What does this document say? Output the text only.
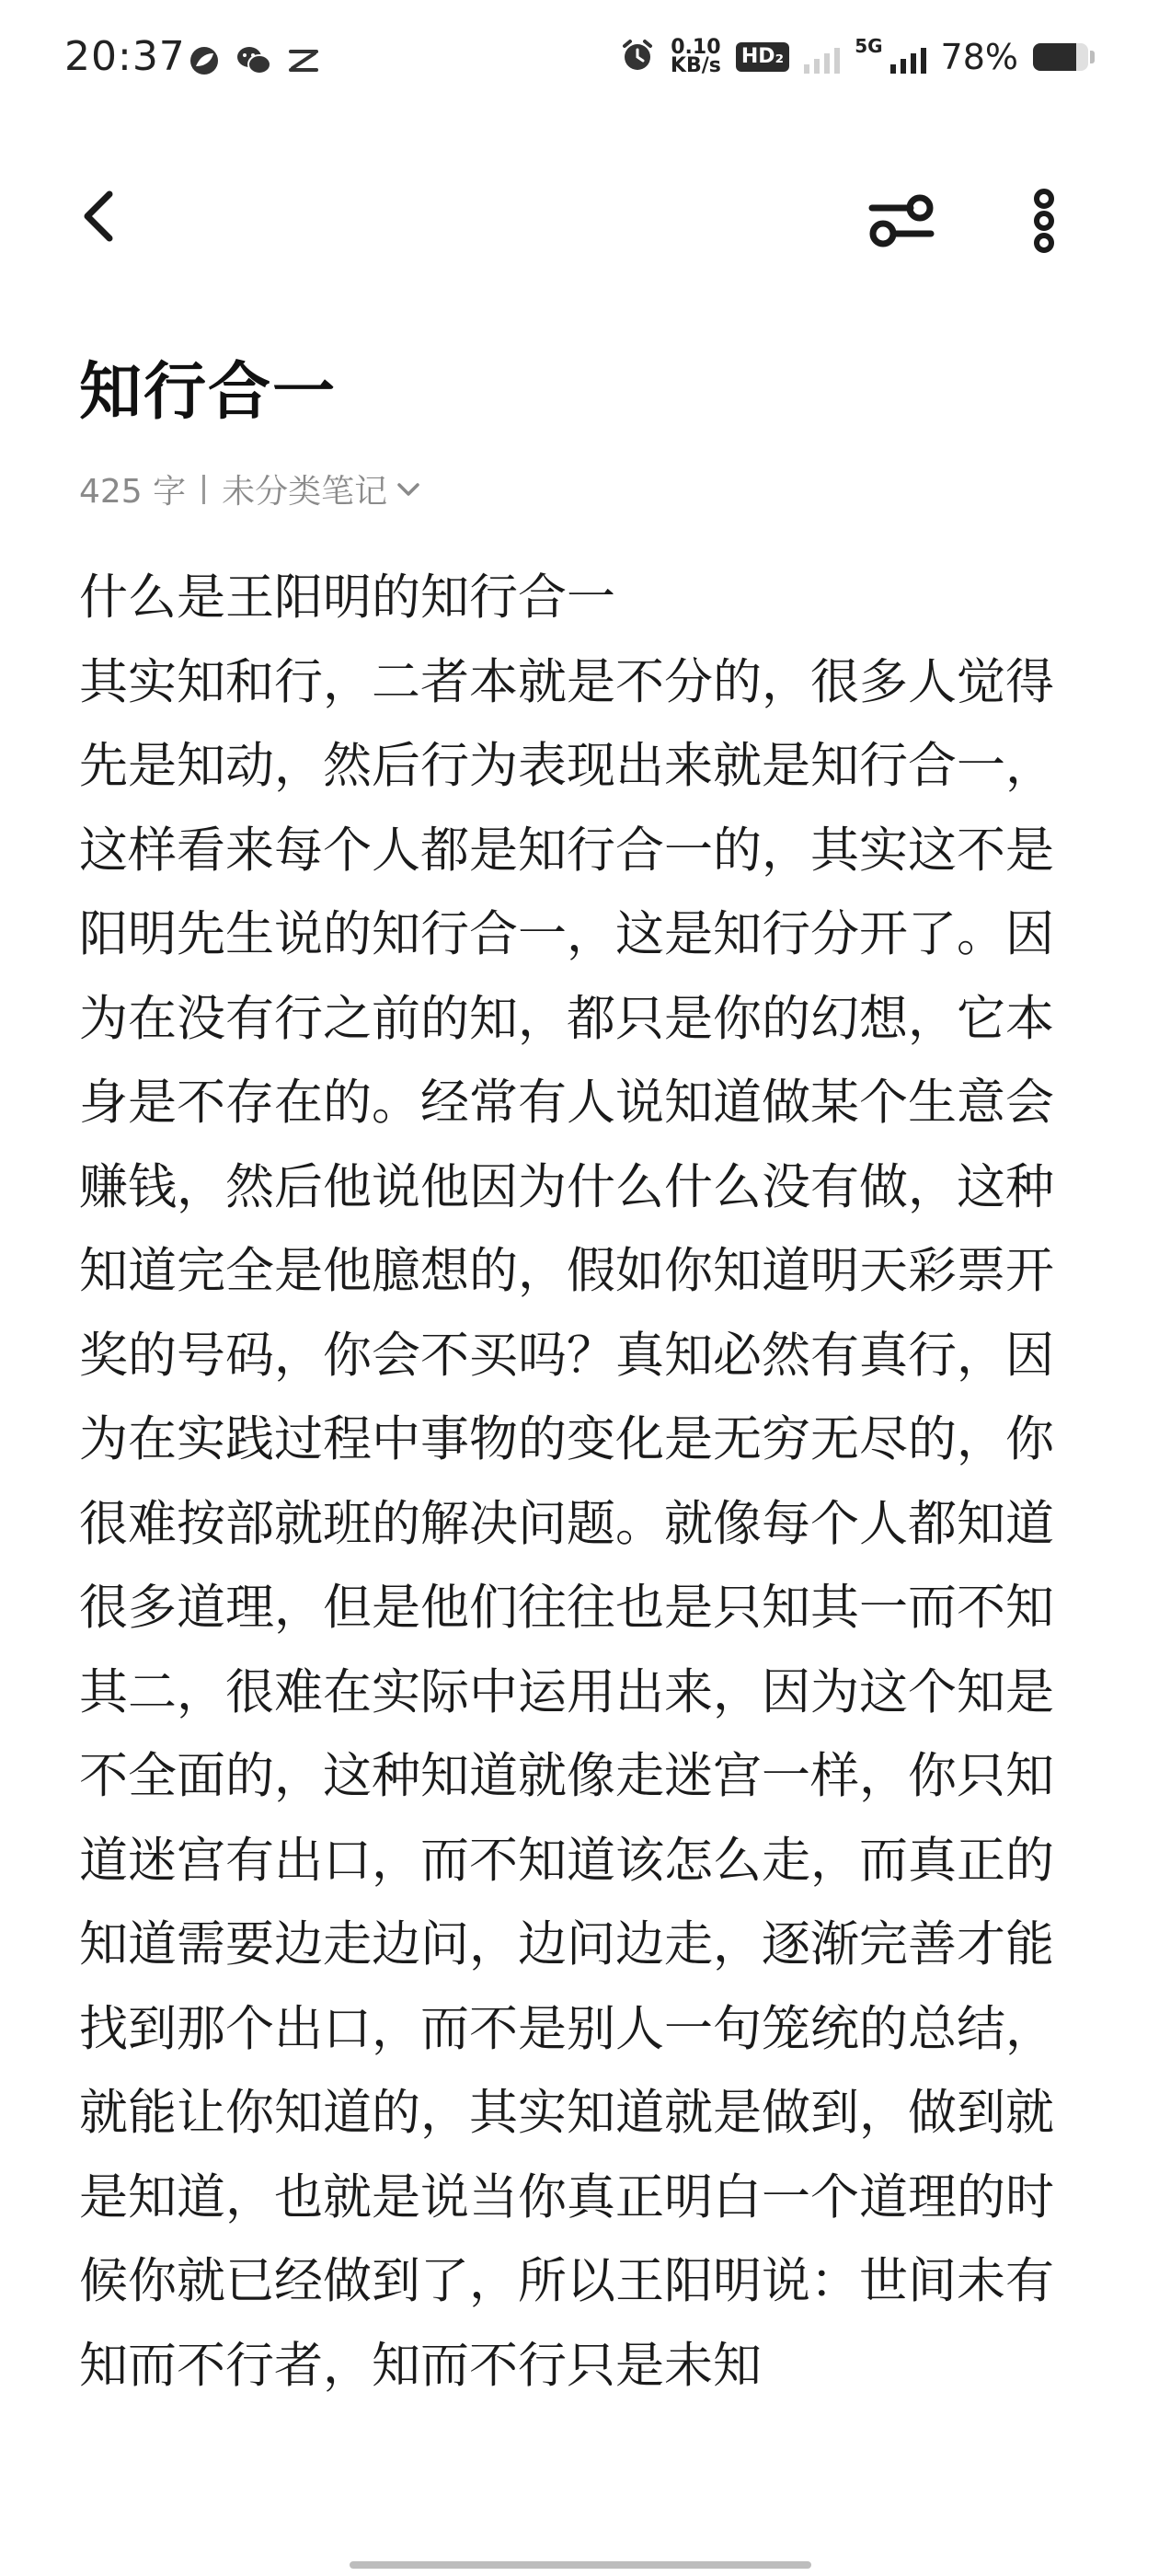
20:37	0.10
KB/s HD₂	5G 78%
知行合一
425 字 未分类笔记
什么是王阳明的知行合一
其实知和行，二者本就是不分的，很多人觉得先是知动，然后行为表现出来就是知行合一，这样看来每个人都是知行合一的，其实这不是阳明先生说的知行合一，这是知行分开了。因为在没有行之前的知，都只是你的幻想，它本身是不存在的。经常有人说知道做某个生意会赚钱，然后他说他因为什么什么没有做，这种知道完全是他臆想的，假如你知道明天彩票开奖的号码，你会不买吗？真知必然有真行，因为在实践过程中事物的变化是无穷无尽的，你很难按部就班的解决问题。就像每个人都知道很多道理，但是他们往往也是只知其一而不知其二，很难在实际中运用出来，因为这个知是不全面的，这种知道就像走迷宫一样，你只知道迷宫有出口，而不知道该怎么走，而真正的知道需要边走边问，边问边走，逐渐完善才能找到那个出口，而不是别人一句笼统的总结，就能让你知道的，其实知道就是做到，做到就是知道，也就是说当你真正明白一个道理的时候你就已经做到了，所以王阳明说：世间未有知而不行者，知而不行只是未知
